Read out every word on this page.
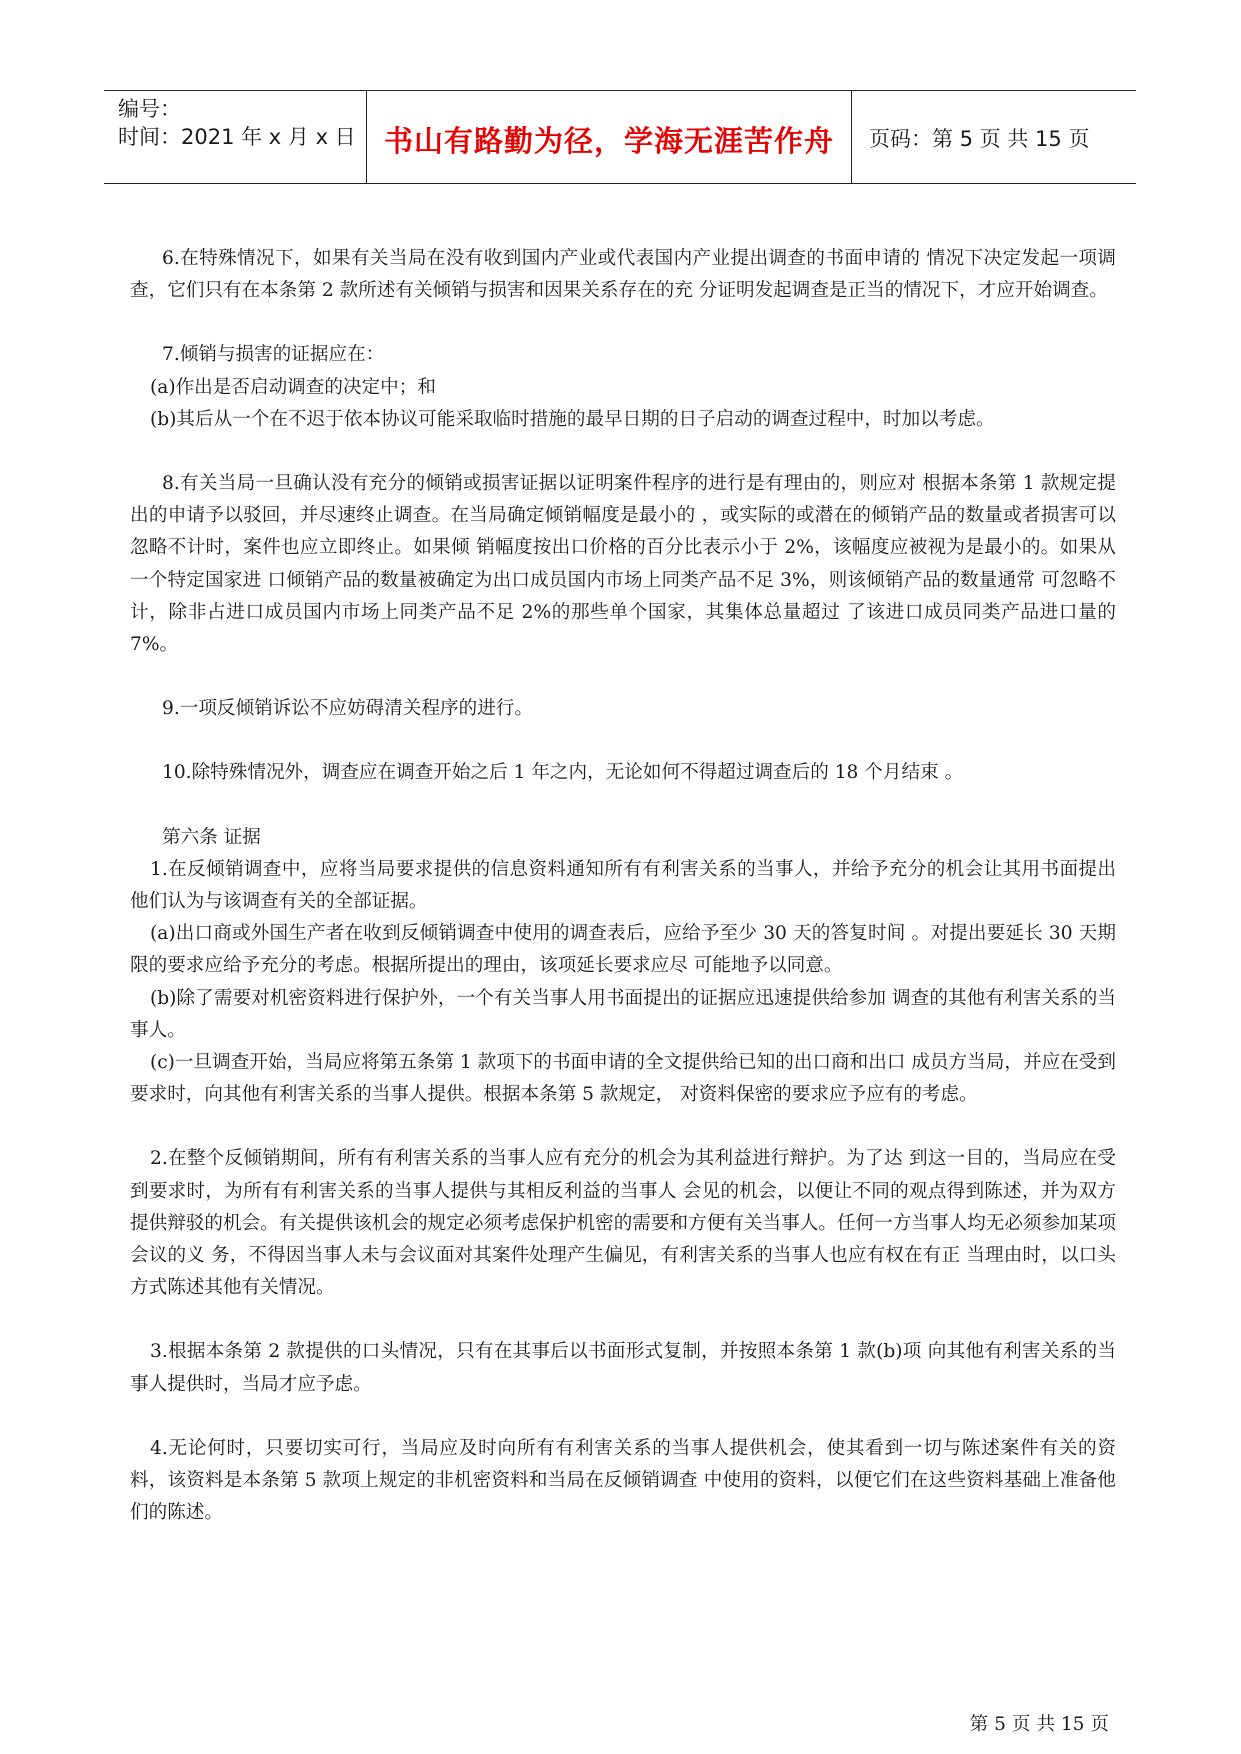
编号：
时间：2021 年 x 月 x 日 书山有路勤为径，学海无涯苦作舟	页码：第 5 页 共 15 页

6.在特殊情况下，如果有关当局在没有收到国内产业或代表国内产业提出调查的书面申请的 情况下决定发起一项调查，它们只有在本条第 2 款所述有关倾销与损害和因果关系存在的充 分证明发起调查是正当的情况下，才应开始调查。

7.倾销与损害的证据应在：

(a)作出是否启动调查的决定中；和

(b)其后从一个在不迟于依本协议可能采取临时措施的最早日期的日子启动的调查过程中，时加以考虑。

8.有关当局一旦确认没有充分的倾销或损害证据以证明案件程序的进行是有理由的，则应对 根据本条第 1 款规定提出的申请予以驳回，并尽速终止调查。在当局确定倾销幅度是最小的 ，或实际的或潜在的倾销产品的数量或者损害可以忽略不计时，案件也应立即终止。如果倾 销幅度按出口价格的百分比表示小于 2%，该幅度应被视为是最小的。如果从一个特定国家进 口倾销产品的数量被确定为出口成员国内市场上同类产品不足 3%，则该倾销产品的数量通常 可忽略不计，除非占进口成员国内市场上同类产品不足 2%的那些单个国家，其集体总量超过 了该进口成员同类产品进口量的 7%。

9.一项反倾销诉讼不应妨碍清关程序的进行。

10.除特殊情况外，调查应在调查开始之后 1 年之内，无论如何不得超过调查后的 18 个月结束 。

第六条 证据

1.在反倾销调查中，应将当局要求提供的信息资料通知所有有利害关系的当事人，并给予充分的机会让其用书面提出他们认为与该调查有关的全部证据。

(a)出口商或外国生产者在收到反倾销调查中使用的调查表后，应给予至少 30 天的答复时间 。对提出要延长 30 天期限的要求应给予充分的考虑。根据所提出的理由，该项延长要求应尽 可能地予以同意。

(b)除了需要对机密资料进行保护外，一个有关当事人用书面提出的证据应迅速提供给参加 调查的其他有利害关系的当事人。

(c)一旦调查开始，当局应将第五条第 1 款项下的书面申请的全文提供给已知的出口商和出口 成员方当局，并应在受到要求时，向其他有利害关系的当事人提供。根据本条第 5 款规定， 对资料保密的要求应予应有的考虑。

2.在整个反倾销期间，所有有利害关系的当事人应有充分的机会为其利益进行辩护。为了达 到这一目的，当局应在受到要求时，为所有有利害关系的当事人提供与其相反利益的当事人 会见的机会，以便让不同的观点得到陈述，并为双方提供辩驳的机会。有关提供该机会的规定必须考虑保护机密的需要和方便有关当事人。任何一方当事人均无必须参加某项会议的义 务，不得因当事人未与会议面对其案件处理产生偏见，有利害关系的当事人也应有权在有正 当理由时，以口头方式陈述其他有关情况。

3.根据本条第 2 款提供的口头情况，只有在其事后以书面形式复制，并按照本条第 1 款(b)项 向其他有利害关系的当事人提供时，当局才应予虑。

4.无论何时，只要切实可行，当局应及时向所有有利害关系的当事人提供机会，使其看到一切与陈述案件有关的资料，该资料是本条第 5 款项上规定的非机密资料和当局在反倾销调查 中使用的资料，以便它们在这些资料基础上准备他们的陈述。

第 5 页 共 15 页
